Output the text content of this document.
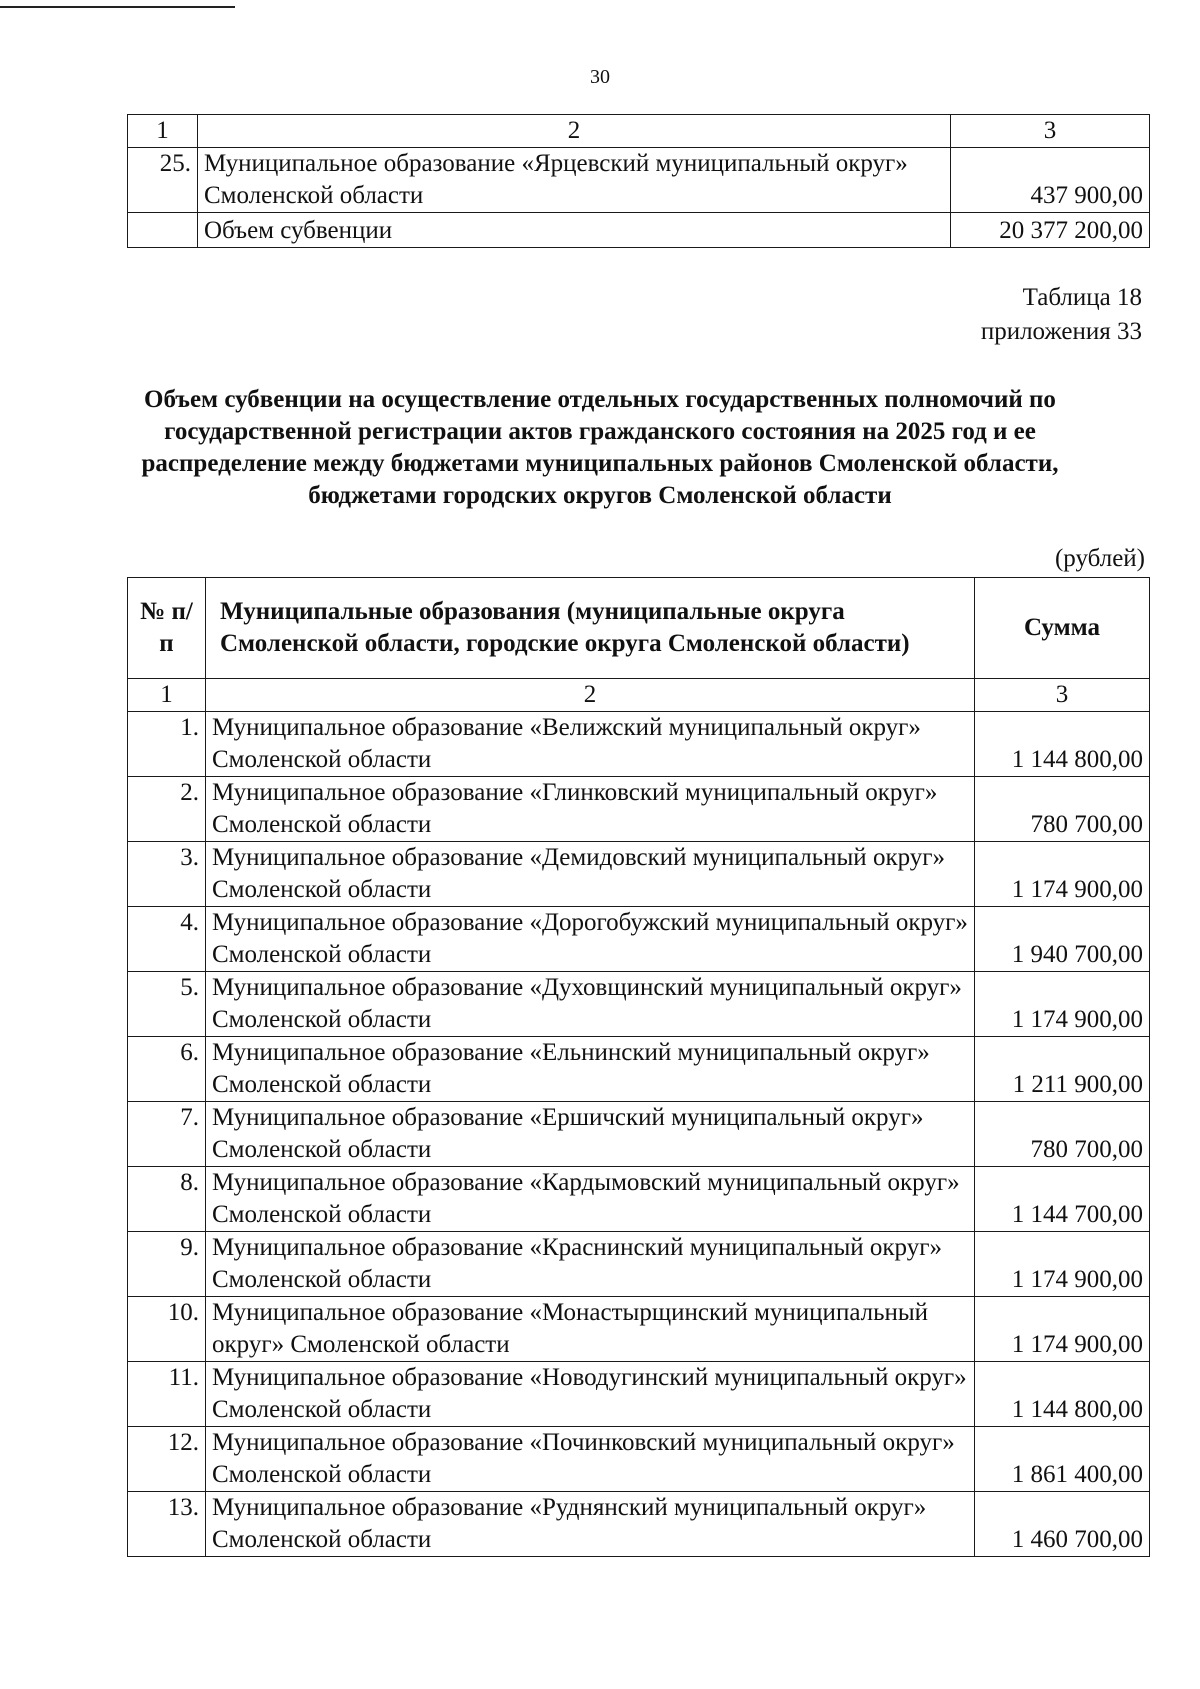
30
1	2	3
25.	Муниципальное образование «Ярцевский муниципальный округ» Смоленской области	437 900,00
	Объем субвенции	20 377 200,00
Таблица 18
приложения 33
Объем субвенции на осуществление отдельных государственных полномочий по государственной регистрации актов гражданского состояния на 2025 год и ее распределение между бюджетами муниципальных районов Смоленской области, бюджетами городских округов Смоленской области
(рублей)
№ п/п	Муниципальные образования (муниципальные округа Смоленской области, городские округа Смоленской области)	Сумма
1	2	3
1.	Муниципальное образование «Велижский муниципальный округ» Смоленской области	1 144 800,00
2.	Муниципальное образование «Глинковский муниципальный округ» Смоленской области	780 700,00
3.	Муниципальное образование «Демидовский муниципальный округ» Смоленской области	1 174 900,00
4.	Муниципальное образование «Дорогобужский муниципальный округ» Смоленской области	1 940 700,00
5.	Муниципальное образование «Духовщинский муниципальный округ» Смоленской области	1 174 900,00
6.	Муниципальное образование «Ельнинский муниципальный округ» Смоленской области	1 211 900,00
7.	Муниципальное образование «Ершичский муниципальный округ» Смоленской области	780 700,00
8.	Муниципальное образование «Кардымовский муниципальный округ» Смоленской области	1 144 700,00
9.	Муниципальное образование «Краснинский муниципальный округ» Смоленской области	1 174 900,00
10.	Муниципальное образование «Монастырщинский муниципальный округ» Смоленской области	1 174 900,00
11.	Муниципальное образование «Новодугинский муниципальный округ» Смоленской области	1 144 800,00
12.	Муниципальное образование «Починковский муниципальный округ» Смоленской области	1 861 400,00
13.	Муниципальное образование «Руднянский муниципальный округ» Смоленской области	1 460 700,00
